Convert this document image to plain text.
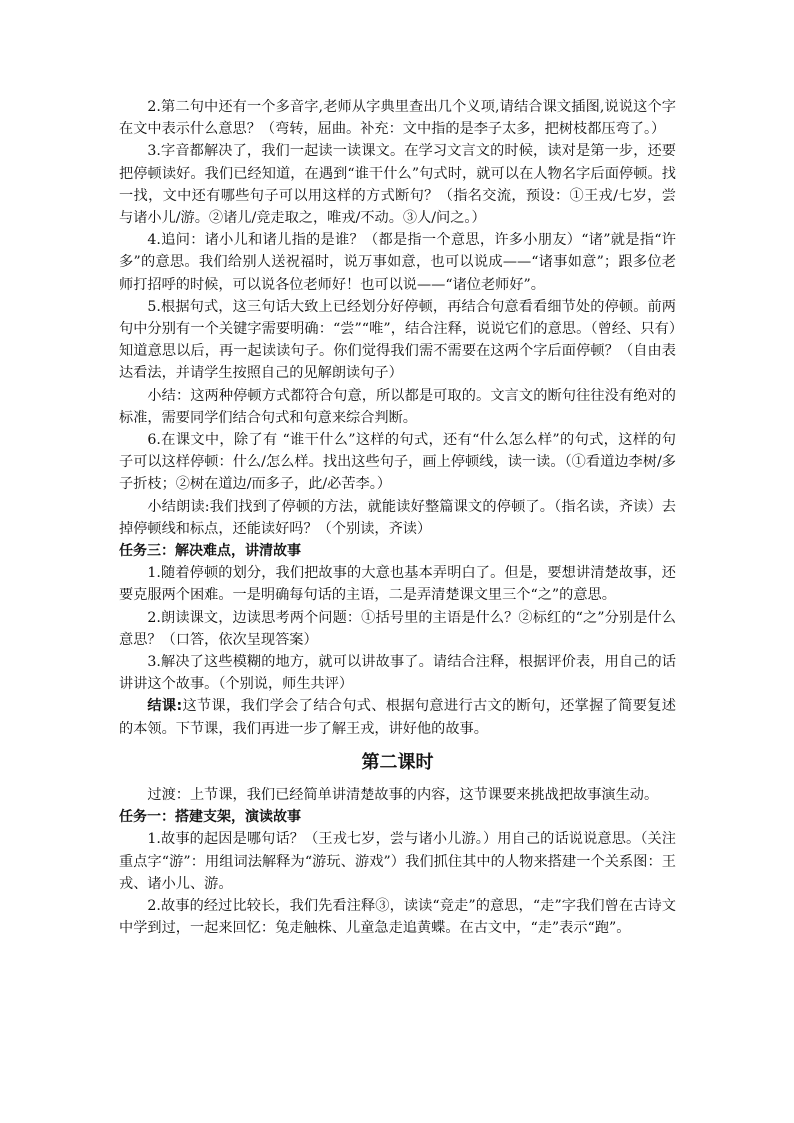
2.第二句中还有一个多音字,老师从字典里查出几个义项,请结合课文插图,说说这个字在文中表示什么意思？（弯转，屈曲。补充：文中指的是李子太多，把树枝都压弯了。）

3.字音都解决了，我们一起读一读课文。在学习文言文的时候，读对是第一步，还要把停顿读好。我们已经知道，在遇到“谁干什么”句式时，就可以在人物名字后面停顿。找一找，文中还有哪些句子可以用这样的方式断句？（指名交流，预设：①王戎/七岁，尝与诸小儿/游。②诸儿/竞走取之，唯戎/不动。③人/问之。）

4.追问：诸小儿和诸儿指的是谁？（都是指一个意思，许多小朋友）“诸”就是指“许多”的意思。我们给别人送祝福时，说万事如意，也可以说成——“诸事如意”；跟多位老师打招呼的时候，可以说各位老师好！也可以说——“诸位老师好”。

5.根据句式，这三句话大致上已经划分好停顿，再结合句意看看细节处的停顿。前两句中分别有一个关键字需要明确：“尝”“唯”，结合注释，说说它们的意思。（曾经、只有）知道意思以后，再一起读读句子。你们觉得我们需不需要在这两个字后面停顿？（自由表达看法，并请学生按照自己的见解朗读句子）

小结：这两种停顿方式都符合句意，所以都是可取的。文言文的断句往往没有绝对的标准，需要同学们结合句式和句意来综合判断。

6.在课文中，除了有 “谁干什么”这样的句式，还有“什么怎么样”的句式，这样的句子可以这样停顿：什么/怎么样。找出这些句子，画上停顿线，读一读。（①看道边李树/多子折枝；②树在道边/而多子，此/必苦李。）

小结朗读:我们找到了停顿的方法，就能读好整篇课文的停顿了。（指名读，齐读）去掉停顿线和标点，还能读好吗？（个别读，齐读）

任务三：解决难点，讲清故事

1.随着停顿的划分，我们把故事的大意也基本弄明白了。但是，要想讲清楚故事，还要克服两个困难。一是明确每句话的主语，二是弄清楚课文里三个“之”的意思。

2.朗读课文，边读思考两个问题：①括号里的主语是什么？②标红的“之”分别是什么意思？（口答，依次呈现答案）

3.解决了这些模糊的地方，就可以讲故事了。请结合注释，根据评价表，用自己的话讲讲这个故事。（个别说，师生共评）

结课:这节课，我们学会了结合句式、根据句意进行古文的断句，还掌握了简要复述的本领。下节课，我们再进一步了解王戎，讲好他的故事。

第二课时

过渡：上节课，我们已经简单讲清楚故事的内容，这节课要来挑战把故事演生动。

任务一：搭建支架，演读故事

1.故事的起因是哪句话？（王戎七岁，尝与诸小儿游。）用自己的话说说意思。（关注重点字“游”：用组词法解释为“游玩、游戏”）我们抓住其中的人物来搭建一个关系图：王戎、诸小儿、游。

2.故事的经过比较长，我们先看注释③，读读“竞走”的意思，“走”字我们曾在古诗文中学到过，一起来回忆：兔走触株、儿童急走追黄蝶。在古文中，“走”表示“跑”。
